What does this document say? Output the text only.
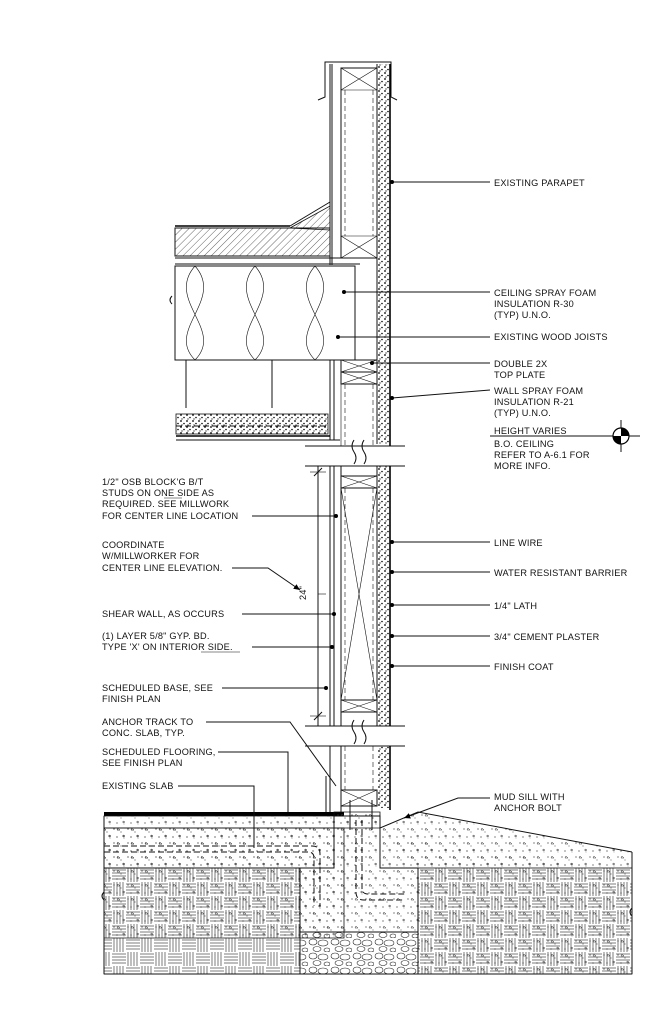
EXISTING PARAPET
CEILING SPRAY FOAM INSULATION R-30 (TYP) U.N.O.
EXISTING WOOD JOISTS
DOUBLE 2X TOP PLATE
WALL SPRAY FOAM INSULATION R-21 (TYP) U.N.O.
HEIGHT VARIES B.O. CEILING REFER TO A-6.1 FOR MORE INFO.
LINE WIRE
WATER RESISTANT BARRIER
1/4" LATH
3/4" CEMENT PLASTER
FINISH COAT
MUD SILL WITH ANCHOR BOLT
1/2" OSB BLOCK'G B/T STUDS ON ONE SIDE AS REQUIRED. SEE MILLWORK FOR CENTER LINE LOCATION
COORDINATE W/MILLWORKER FOR CENTER LINE ELEVATION.
SHEAR WALL, AS OCCURS
(1) LAYER 5/8" GYP. BD. TYPE 'X' ON INTERIOR SIDE.
SCHEDULED BASE, SEE FINISH PLAN
ANCHOR TRACK TO CONC. SLAB, TYP.
SCHEDULED FLOORING, SEE FINISH PLAN
EXISTING SLAB
24"
